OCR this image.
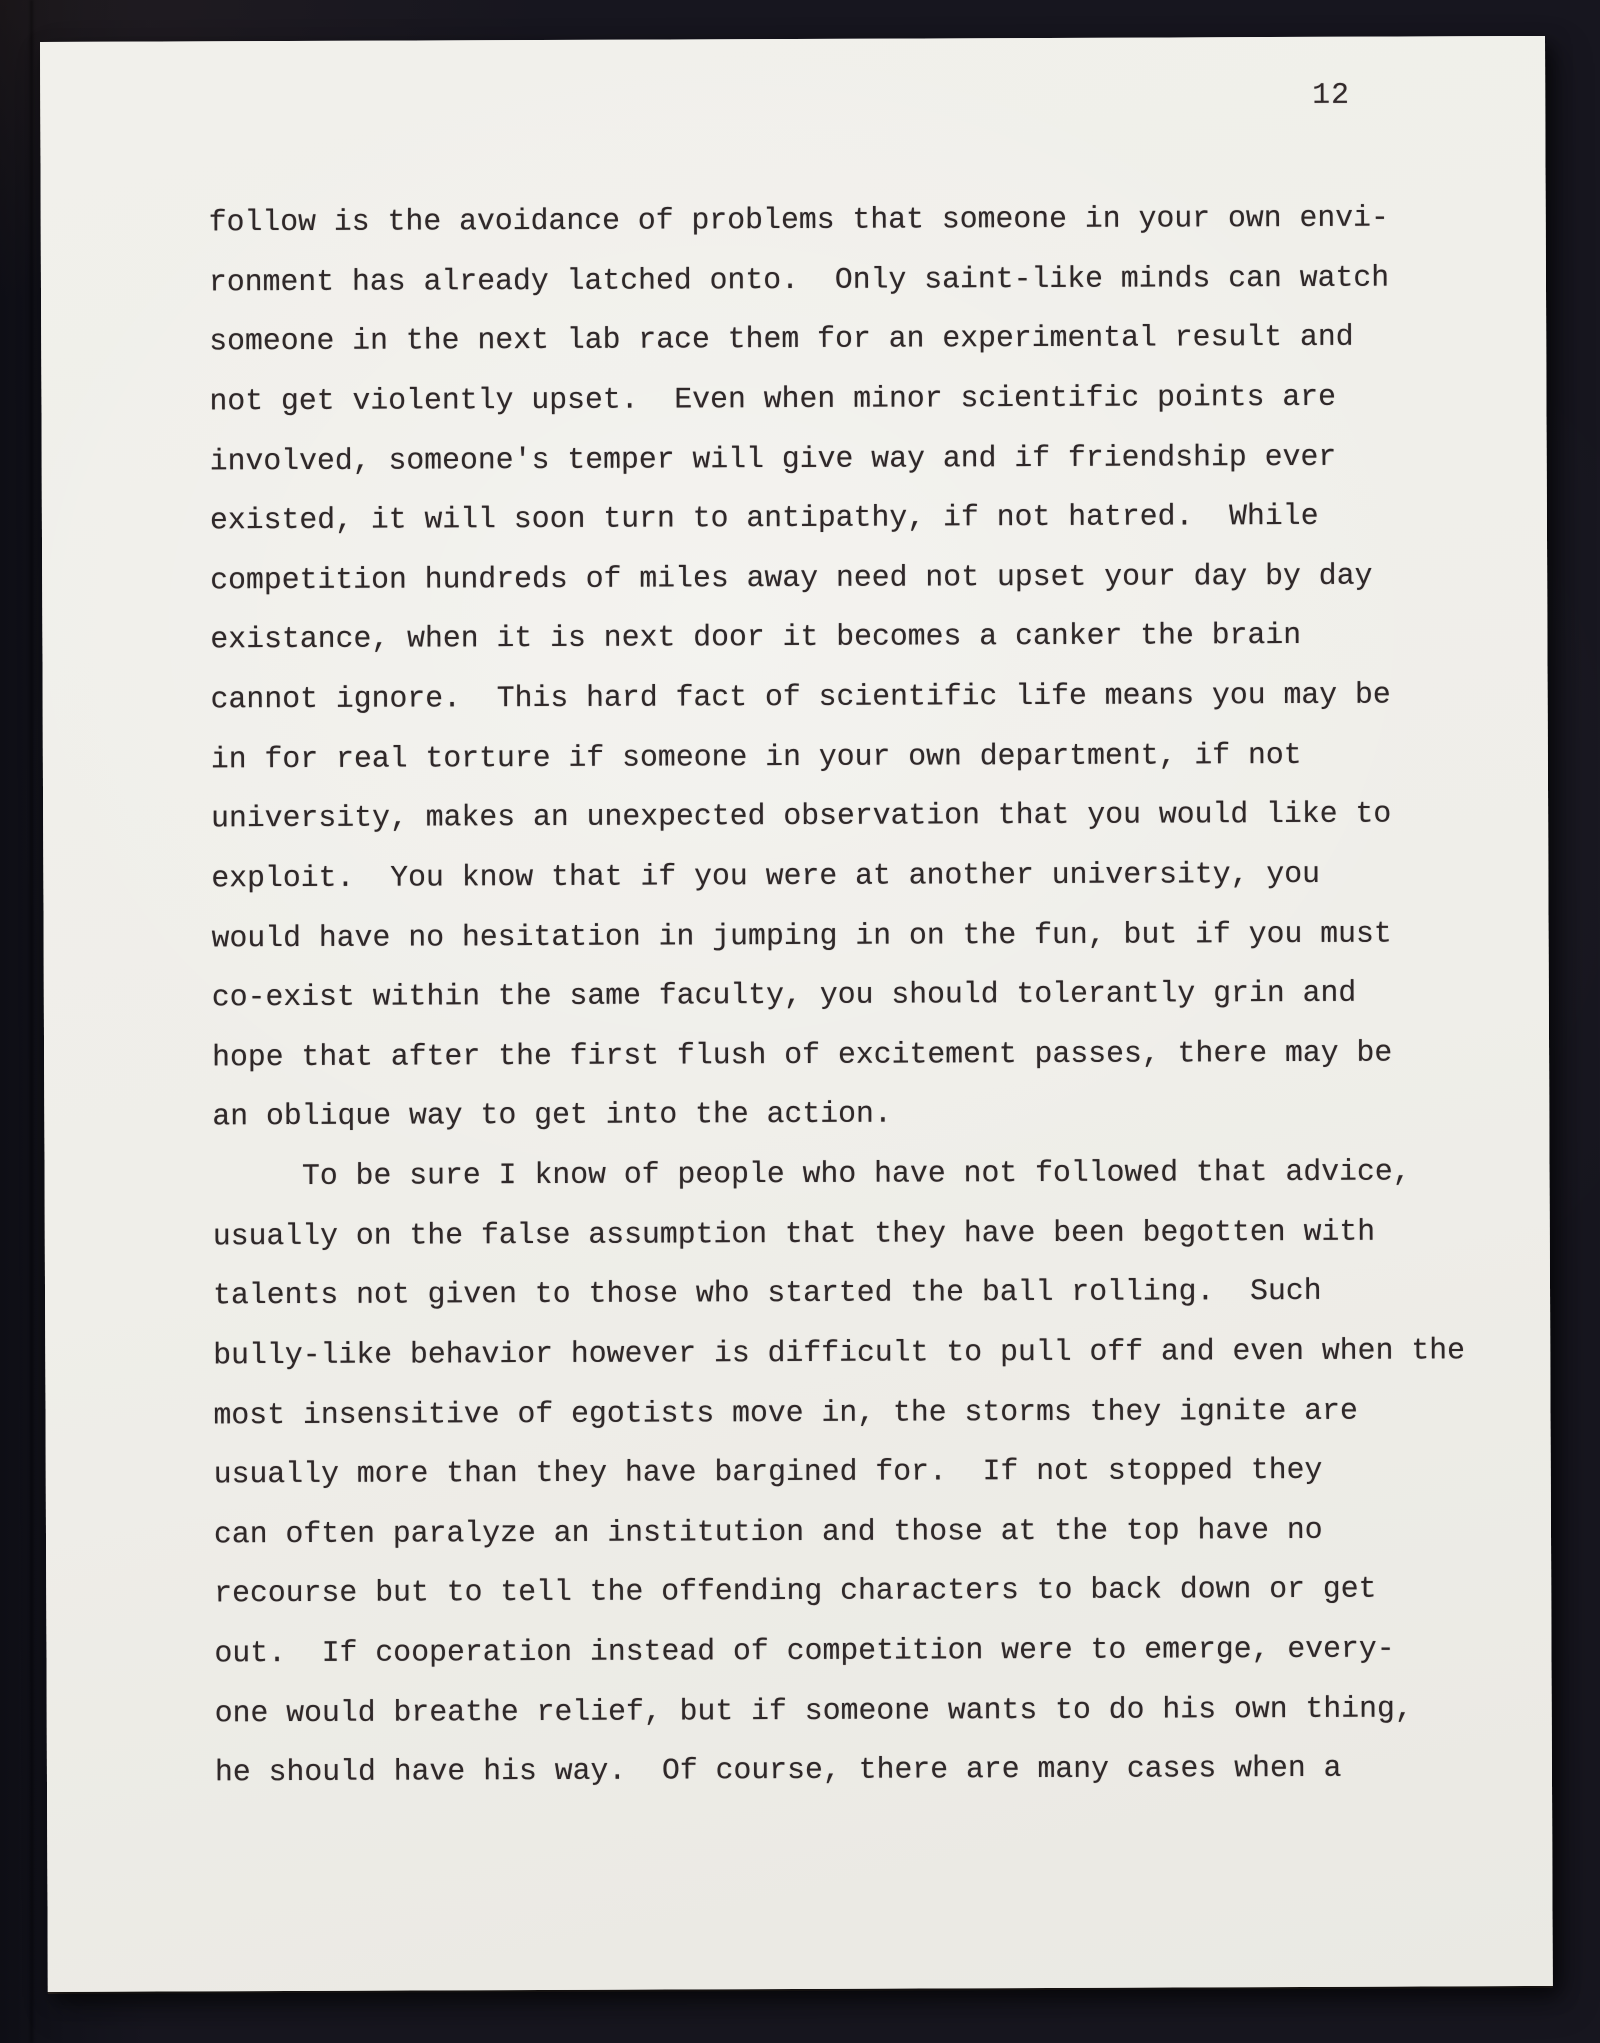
12
follow is the avoidance of problems that someone in your own envi-
ronment has already latched onto.  Only saint-like minds can watch
someone in the next lab race them for an experimental result and
not get violently upset.  Even when minor scientific points are
involved, someone's temper will give way and if friendship ever
existed, it will soon turn to antipathy, if not hatred.  While
competition hundreds of miles away need not upset your day by day
existance, when it is next door it becomes a canker the brain
cannot ignore.  This hard fact of scientific life means you may be
in for real torture if someone in your own department, if not
university, makes an unexpected observation that you would like to
exploit.  You know that if you were at another university, you
would have no hesitation in jumping in on the fun, but if you must
co-exist within the same faculty, you should tolerantly grin and
hope that after the first flush of excitement passes, there may be
an oblique way to get into the action.
To be sure I know of people who have not followed that advice,
usually on the false assumption that they have been begotten with
talents not given to those who started the ball rolling.  Such
bully-like behavior however is difficult to pull off and even when the
most insensitive of egotists move in, the storms they ignite are
usually more than they have bargined for.  If not stopped they
can often paralyze an institution and those at the top have no
recourse but to tell the offending characters to back down or get
out.  If cooperation instead of competition were to emerge, every-
one would breathe relief, but if someone wants to do his own thing,
he should have his way.  Of course, there are many cases when a
